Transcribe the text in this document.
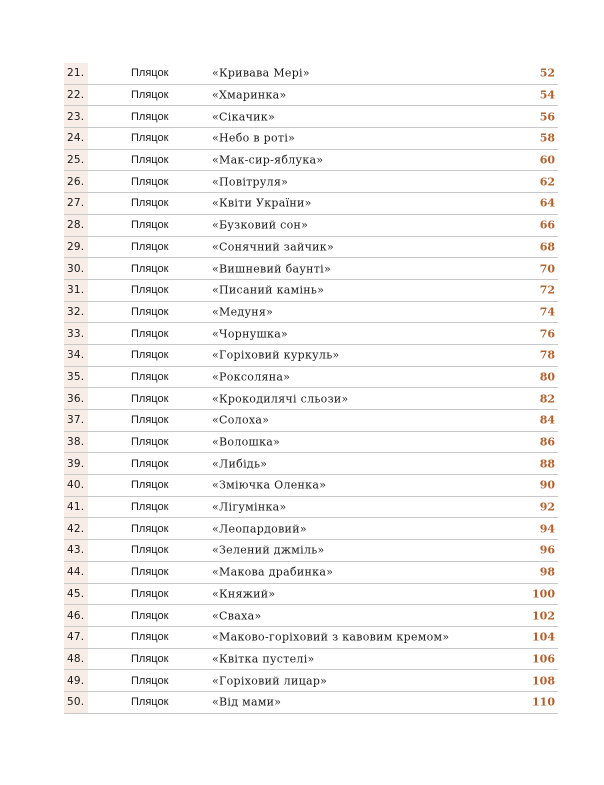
21.	Пляцок	«Кривава Мері»	52
22.	Пляцок	«Хмаринка»	54
23.	Пляцок	«Сікачик»	56
24.	Пляцок	«Небо в роті»	58
25.	Пляцок	«Мак-сир-яблука»	60
26.	Пляцок	«Повітруля»	62
27.	Пляцок	«Квіти України»	64
28.	Пляцок	«Бузковий сон»	66
29.	Пляцок	«Сонячний зайчик»	68
30.	Пляцок	«Вишневий баунті»	70
31.	Пляцок	«Писаний камінь»	72
32.	Пляцок	«Медуня»	74
33.	Пляцок	«Чорнушка»	76
34.	Пляцок	«Горіховий куркуль»	78
35.	Пляцок	«Роксоляна»	80
36.	Пляцок	«Крокодилячі сльози»	82
37.	Пляцок	«Солоха»	84
38.	Пляцок	«Волошка»	86
39.	Пляцок	«Либідь»	88
40.	Пляцок	«Зміючка Оленка»	90
41.	Пляцок	«Лігумінка»	92
42.	Пляцок	«Леопардовий»	94
43.	Пляцок	«Зелений джміль»	96
44.	Пляцок	«Макова драбинка»	98
45.	Пляцок	«Княжий»	100
46.	Пляцок	«Сваха»	102
47.	Пляцок	«Маково-горіховий з кавовим кремом»	104
48.	Пляцок	«Квітка пустелі»	106
49.	Пляцок	«Горіховий лицар»	108
50.	Пляцок	«Від мами»	110
